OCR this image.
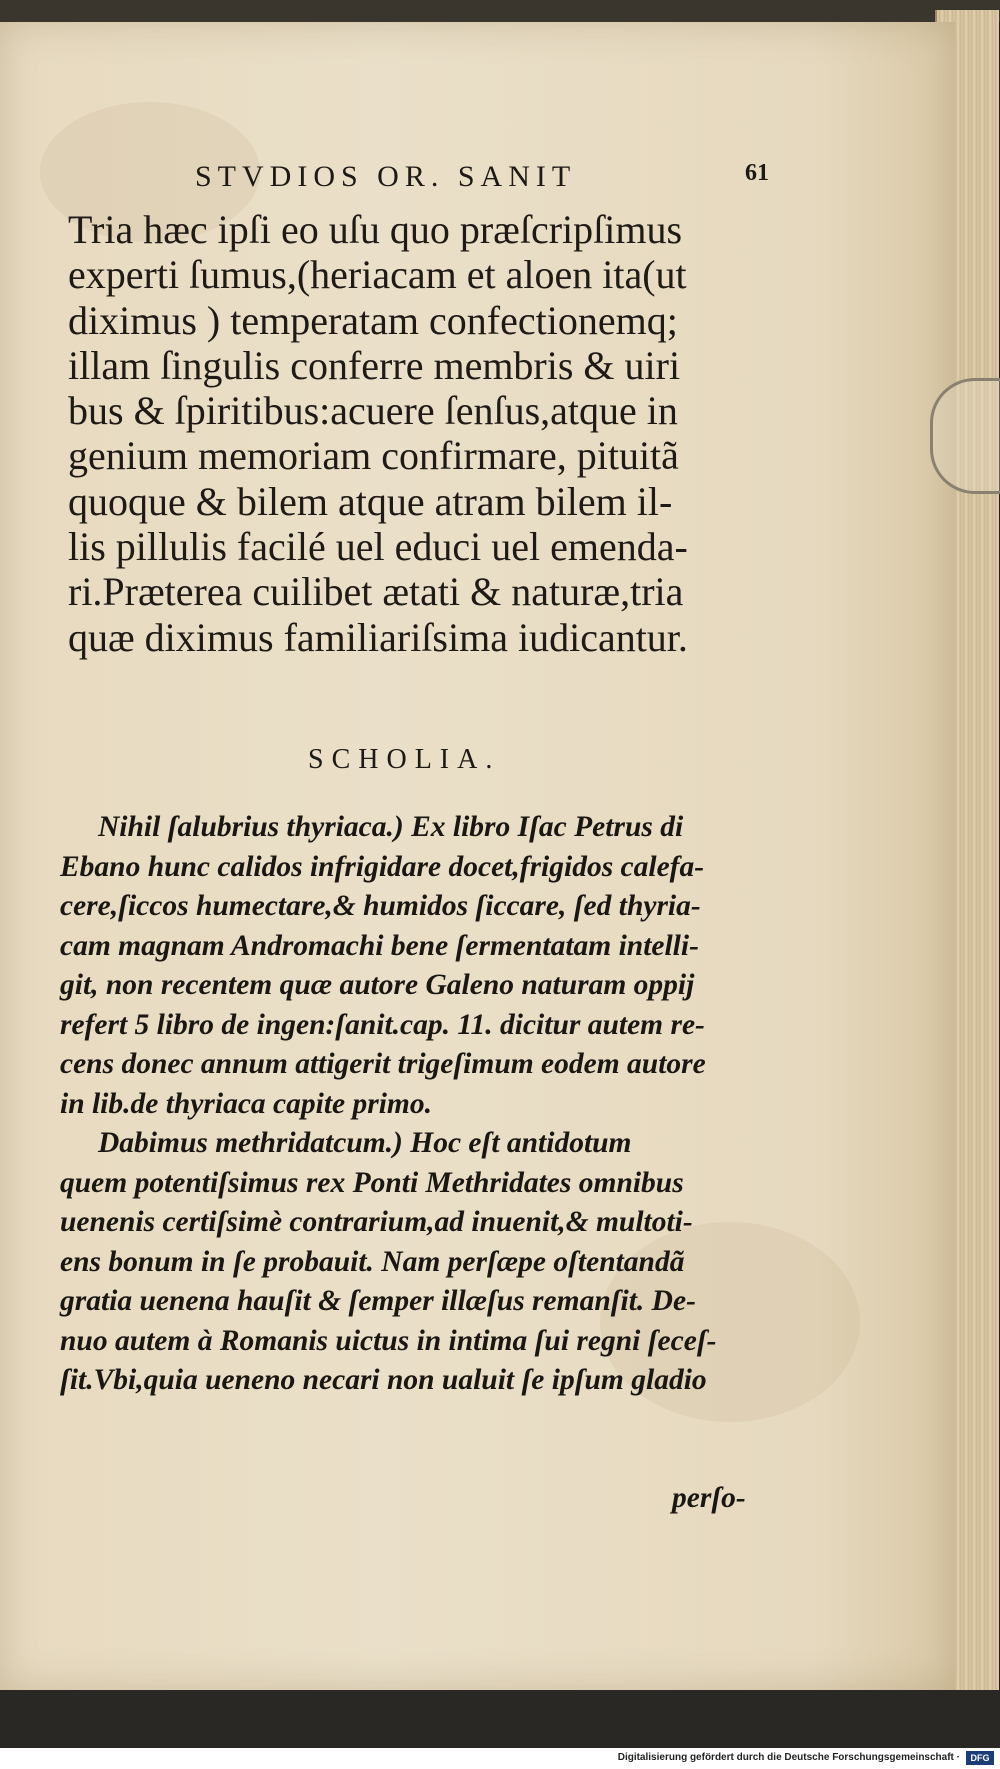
STVDIOS OR. SANIT	61
Tria hæc ipſi eo uſu quo præſcripſimus
experti ſumus,(heriacam et aloen ita(ut
diximus ) temperatam confectionemq;
illam ſingulis conferre membris & uiri
bus & ſpiritibus:acuere ſenſus,atque in
genium memoriam confirmare, pituitã
quoque & bilem atque atram bilem il-
lis pillulis facilé uel educi uel emenda-
ri.Præterea cuilibet ætati & naturæ,tria
quæ diximus familiariſsima iudicantur.
SCHOLIA.
Nihil ſalubrius thyriaca.) Ex libro Iſac Petrus di
Ebano hunc calidos infrigidare docet,frigidos calefa-
cere,ſiccos humectare,& humidos ſiccare, ſed thyria-
cam magnam Andromachi bene ſermentatam intelli-
git, non recentem quæ autore Galeno naturam oppij
refert 5 libro de ingen:ſanit.cap. 11. dicitur autem re-
cens donec annum attigerit trigeſimum eodem autore
in lib.de thyriaca capite primo.
Dabimus methridatcum.) Hoc eſt antidotum
quem potentiſsimus rex Ponti Methridates omnibus
uenenis certiſsimè contrarium,ad inuenit,& multoti-
ens bonum in ſe probauit. Nam perſæpe oſtentandã
gratia uenena hauſit & ſemper illæſus remanſit. De-
nuo autem à Romanis uictus in intima ſui regni ſeceſ-
ſit.Vbi,quia ueneno necari non ualuit ſe ipſum gladio
perſo-
Digitalisierung gefördert durch die Deutsche Forschungsgemeinschaft ·	DFG
